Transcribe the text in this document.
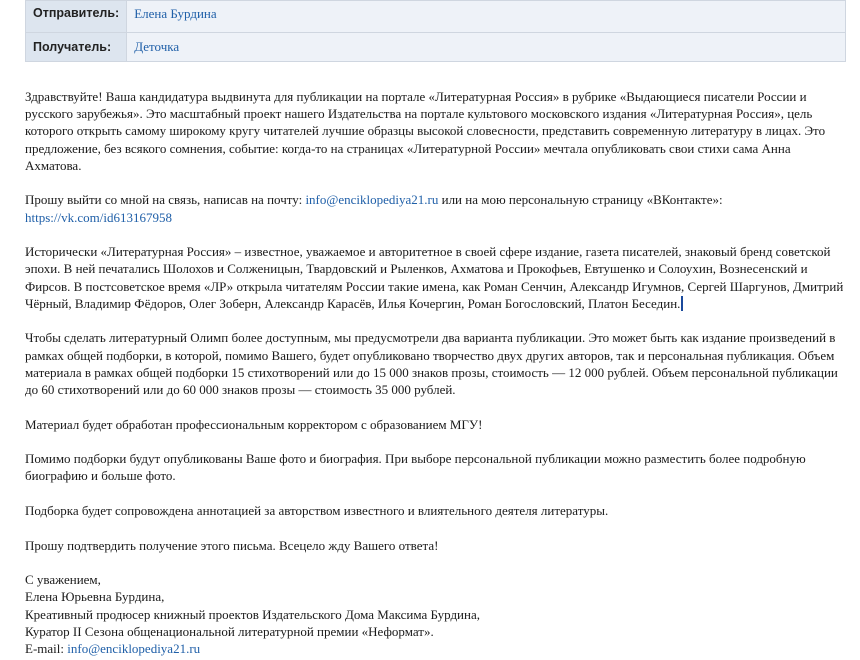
Отправитель:	Елена Бурдина
Получатель:	Деточка

Здравствуйте! Ваша кандидатура выдвинута для публикации на портале «Литературная Россия» в рубрике «Выдающиеся писатели России и русского зарубежья». Это масштабный проект нашего Издательства на портале культового московского издания «Литературная Россия», цель которого открыть самому широкому кругу читателей лучшие образцы высокой словесности, представить современную литературу в лицах. Это предложение, без всякого сомнения, событие: когда-то на страницах «Литературной России» мечтала опубликовать свои стихи сама Анна Ахматова.

Прошу выйти со мной на связь, написав на почту: info@enciklopediya21.ru или на мою персональную страницу «ВКонтакте»:
https://vk.com/id613167958

Исторически «Литературная Россия» – известное, уважаемое и авторитетное в своей сфере издание, газета писателей, знаковый бренд советской эпохи. В ней печатались Шолохов и Солженицын, Твардовский и Рыленков, Ахматова и Прокофьев, Евтушенко и Солоухин, Вознесенский и Фирсов. В постсоветское время «ЛР» открыла читателям России такие имена, как Роман Сенчин, Александр Игумнов, Сергей Шаргунов, Дмитрий Чёрный, Владимир Фёдоров, Олег Зоберн, Александр Карасёв, Илья Кочергин, Роман Богословский, Платон Беседин.

Чтобы сделать литературный Олимп более доступным, мы предусмотрели два варианта публикации. Это может быть как издание произведений в рамках общей подборки, в которой, помимо Вашего, будет опубликовано творчество двух других авторов, так и персональная публикация. Объем материала в рамках общей подборки 15 стихотворений или до 15 000 знаков прозы, стоимость — 12 000 рублей. Объем персональной публикации до 60 стихотворений или до 60 000 знаков прозы — стоимость 35 000 рублей.

Материал будет обработан профессиональным корректором с образованием МГУ!

Помимо подборки будут опубликованы Ваше фото и биография. При выборе персональной публикации можно разместить более подробную биографию и больше фото.

Подборка будет сопровождена аннотацией за авторством известного и влиятельного деятеля литературы.

Прошу подтвердить получение этого письма. Всецело жду Вашего ответа!

С уважением,
Елена Юрьевна Бурдина,
Креативный продюсер книжный проектов Издательского Дома Максима Бурдина,
Куратор II Сезона общенациональной литературной премии «Неформат».
E-mail: info@enciklopediya21.ru
